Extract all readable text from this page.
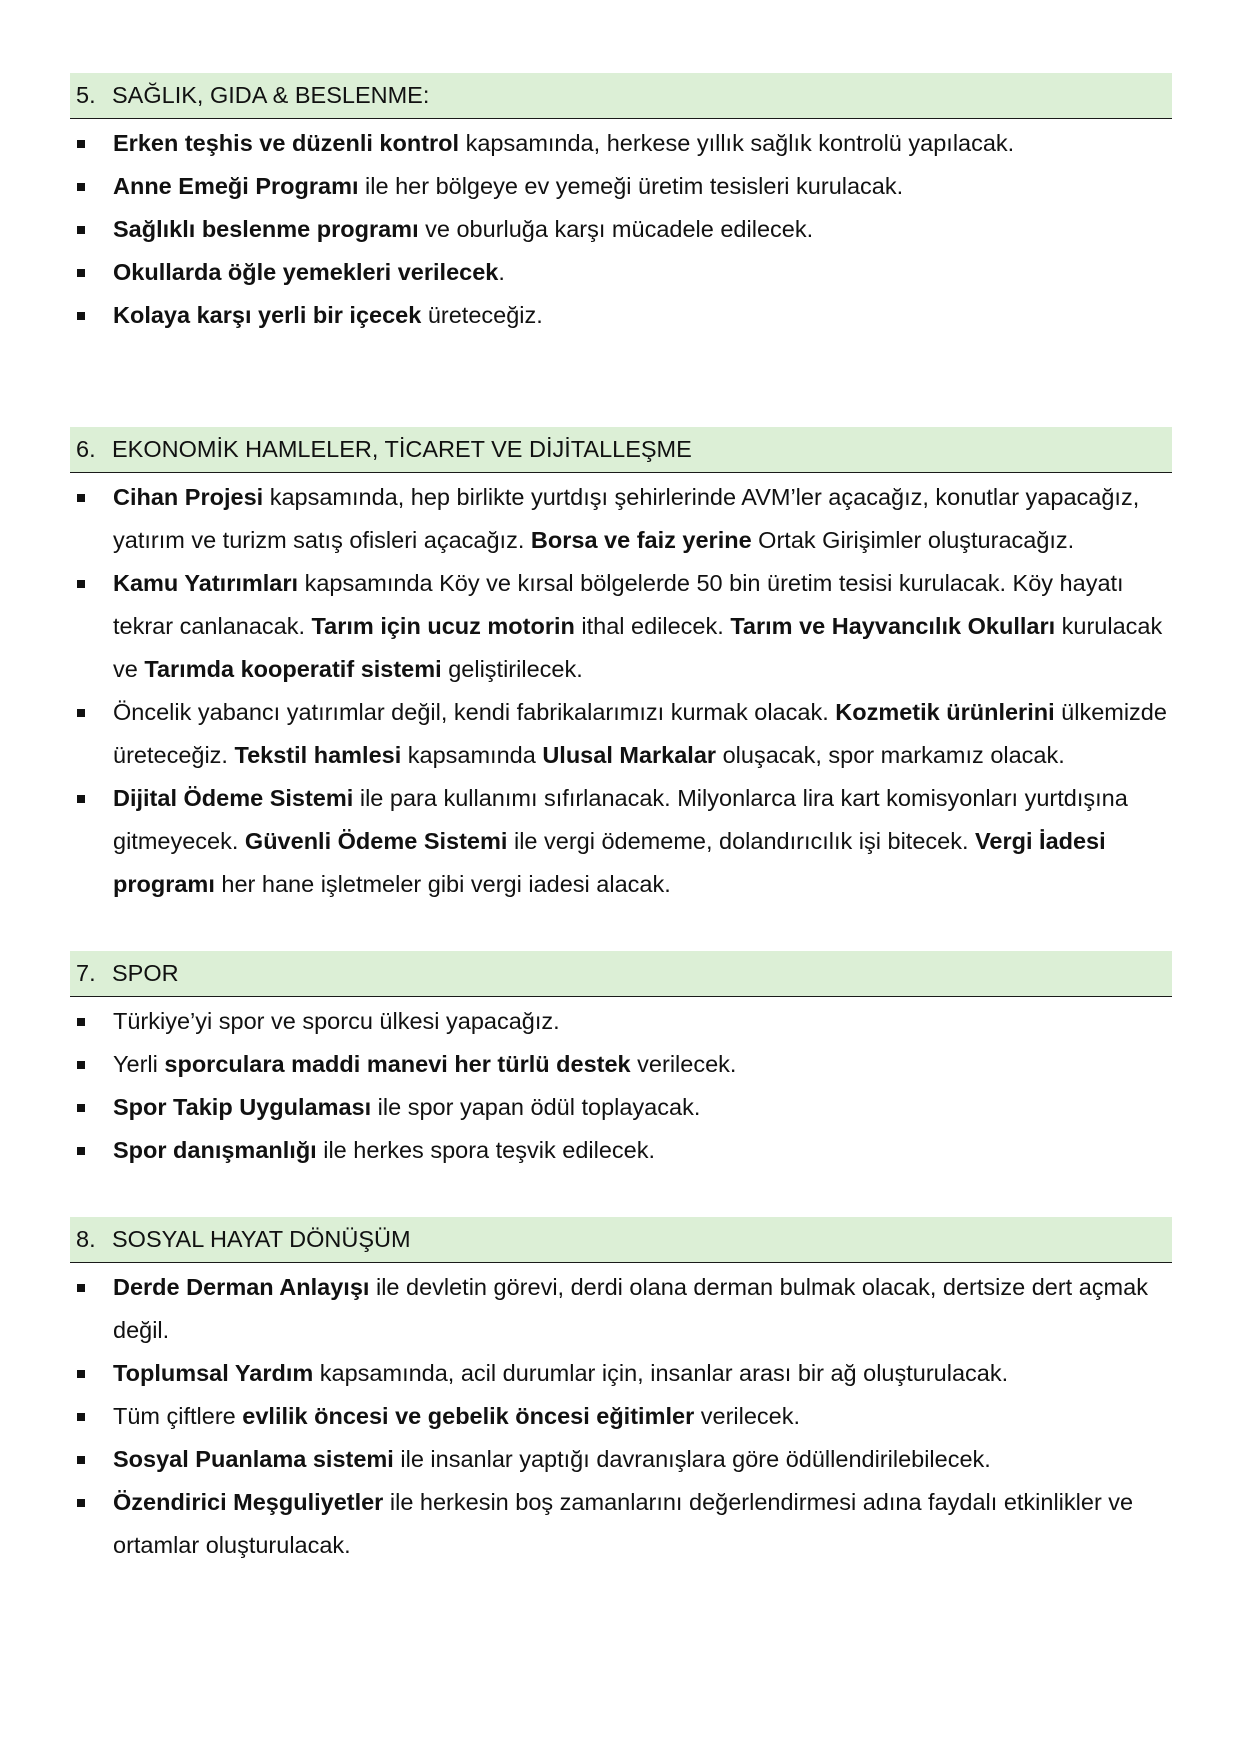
5. SAĞLIK, GIDA & BESLENME:
Erken teşhis ve düzenli kontrol kapsamında, herkese yıllık sağlık kontrolü yapılacak.
Anne Emeği Programı ile her bölgeye ev yemeği üretim tesisleri kurulacak.
Sağlıklı beslenme programı ve oburluğa karşı mücadele edilecek.
Okullarda öğle yemekleri verilecek.
Kolaya karşı yerli bir içecek üreteceğiz.
6. EKONOMİK HAMLELER, TİCARET VE DİJİTALLEŞME
Cihan Projesi kapsamında, hep birlikte yurtdışı şehirlerinde AVM’ler açacağız, konutlar yapacağız, yatırım ve turizm satış ofisleri açacağız. Borsa ve faiz yerine Ortak Girişimler oluşturacağız.
Kamu Yatırımları kapsamında Köy ve kırsal bölgelerde 50 bin üretim tesisi kurulacak. Köy hayatı tekrar canlanacak. Tarım için ucuz motorin ithal edilecek. Tarım ve Hayvancılık Okulları kurulacak ve Tarımda kooperatif sistemi geliştirilecek.
Öncelik yabancı yatırımlar değil, kendi fabrikalarımızı kurmak olacak. Kozmetik ürünlerini ülkemizde üreteceğiz. Tekstil hamlesi kapsamında Ulusal Markalar oluşacak, spor markamız olacak.
Dijital Ödeme Sistemi ile para kullanımı sıfırlanacak. Milyonlarca lira kart komisyonları yurtdışına gitmeyecek. Güvenli Ödeme Sistemi ile vergi ödememe, dolandırıcılık işi bitecek. Vergi İadesi programı her hane işletmeler gibi vergi iadesi alacak.
7. SPOR
Türkiye’yi spor ve sporcu ülkesi yapacağız.
Yerli sporculara maddi manevi her türlü destek verilecek.
Spor Takip Uygulaması ile spor yapan ödül toplayacak.
Spor danışmanlığı ile herkes spora teşvik edilecek.
8. SOSYAL HAYAT DÖNÜŞÜM
Derde Derman Anlayışı ile devletin görevi, derdi olana derman bulmak olacak, dertsize dert açmak değil.
Toplumsal Yardım kapsamında, acil durumlar için, insanlar arası bir ağ oluşturulacak.
Tüm çiftlere evlilik öncesi ve gebelik öncesi eğitimler verilecek.
Sosyal Puanlama sistemi ile insanlar yaptığı davranışlara göre ödüllendirilebilecek.
Özendirici Meşguliyetler ile herkesin boş zamanlarını değerlendirmesi adına faydalı etkinlikler ve ortamlar oluşturulacak.
